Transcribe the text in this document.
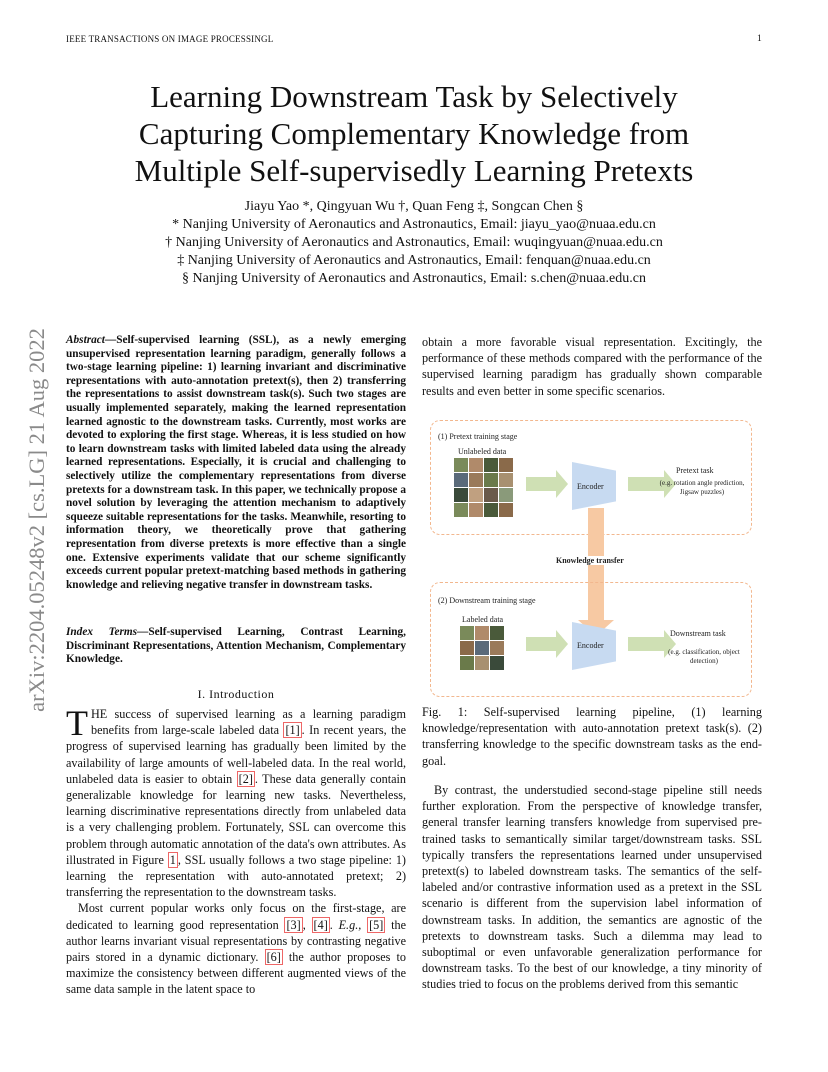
IEEE TRANSACTIONS ON IMAGE PROCESSINGL	1
arXiv:2204.05248v2 [cs.LG] 21 Aug 2022
Learning Downstream Task by Selectively
Capturing Complementary Knowledge from
Multiple Self-supervisedly Learning Pretexts
Jiayu Yao *, Qingyuan Wu †, Quan Feng ‡, Songcan Chen §
* Nanjing University of Aeronautics and Astronautics, Email: jiayu_yao@nuaa.edu.cn
† Nanjing University of Aeronautics and Astronautics, Email: wuqingyuan@nuaa.edu.cn
‡ Nanjing University of Aeronautics and Astronautics, Email: fenquan@nuaa.edu.cn
§ Nanjing University of Aeronautics and Astronautics, Email: s.chen@nuaa.edu.cn

Abstract—Self-supervised learning (SSL), as a newly emerging unsupervised representation learning paradigm, generally follows a two-stage learning pipeline: 1) learning invariant and discriminative representations with auto-annotation pretext(s), then 2) transferring the representations to assist downstream task(s). Such two stages are usually implemented separately, making the learned representation learned agnostic to the downstream tasks. Currently, most works are devoted to exploring the first stage. Whereas, it is less studied on how to learn downstream tasks with limited labeled data using the already learned representations. Especially, it is crucial and challenging to selectively utilize the complementary representations from diverse pretexts for a downstream task. In this paper, we technically propose a novel solution by leveraging the attention mechanism to adaptively squeeze suitable representations for the tasks. Meanwhile, resorting to information theory, we theoretically prove that gathering representation from diverse pretexts is more effective than a single one. Extensive experiments validate that our scheme significantly exceeds current popular pretext-matching based methods in gathering knowledge and relieving negative transfer in downstream tasks.

Index Terms—Self-supervised Learning, Contrast Learning, Discriminant Representations, Attention Mechanism, Complementary Knowledge.

I. Introduction

THE success of supervised learning as a learning paradigm benefits from large-scale labeled data [1] . In recent years, the progress of supervised learning has gradually been limited by the availability of large amounts of well-labeled data. In the real world, unlabeled data is easier to obtain [2] . These data generally contain generalizable knowledge for learning new tasks. Nevertheless, learning discriminative representations directly from unlabeled data is a very challenging problem. Fortunately, SSL can overcome this problem through automatic annotation of the data's own attributes. As illustrated in Figure 1 , SSL usually follows a two stage pipeline: 1) learning the representation with auto-annotated pretext; 2) transferring the representation to the downstream tasks.

Most current popular works only focus on the first-stage, are dedicated to learning good representation [3] , [4] . E.g., [5] the author learns invariant visual representations by contrasting negative pairs stored in a dynamic dictionary. [6] the author proposes to maximize the consistency between different augmented views of the same data sample in the latent space to

obtain a more favorable visual representation. Excitingly, the performance of these methods compared with the performance of the supervised learning paradigm has gradually shown comparable results and even better in some specific scenarios.
(1) Pretext training stage
Unlabeled data
Encoder
Pretext task
(e.g. rotation angle prediction, Jigsaw puzzles)
Knowledge transfer
(2) Downstream training stage
Labeled data
Encoder
Downstream task
(e.g. classification, object detection)
Fig. 1: Self-supervised learning pipeline, (1) learning knowledge/representation with auto-annotation pretext task(s). (2) transferring knowledge to the specific downstream tasks as the end-goal.
By contrast, the understudied second-stage pipeline still needs further exploration. From the perspective of knowledge transfer, general transfer learning transfers knowledge from supervised pre-trained tasks to semantically similar target/downstream tasks. SSL typically transfers the representations learned under unsupervised pretext(s) to labeled downstream tasks. The semantics of the self-labeled and/or contrastive information used as a pretext in the SSL scenario is different from the supervision label information of downstream tasks. In addition, the semantics are agnostic of the pretexts to downstream tasks. Such a dilemma may lead to suboptimal or even unfavorable generalization performance for downstream tasks. To the best of our knowledge, a tiny minority of studies tried to focus on the problems derived from this semantic
